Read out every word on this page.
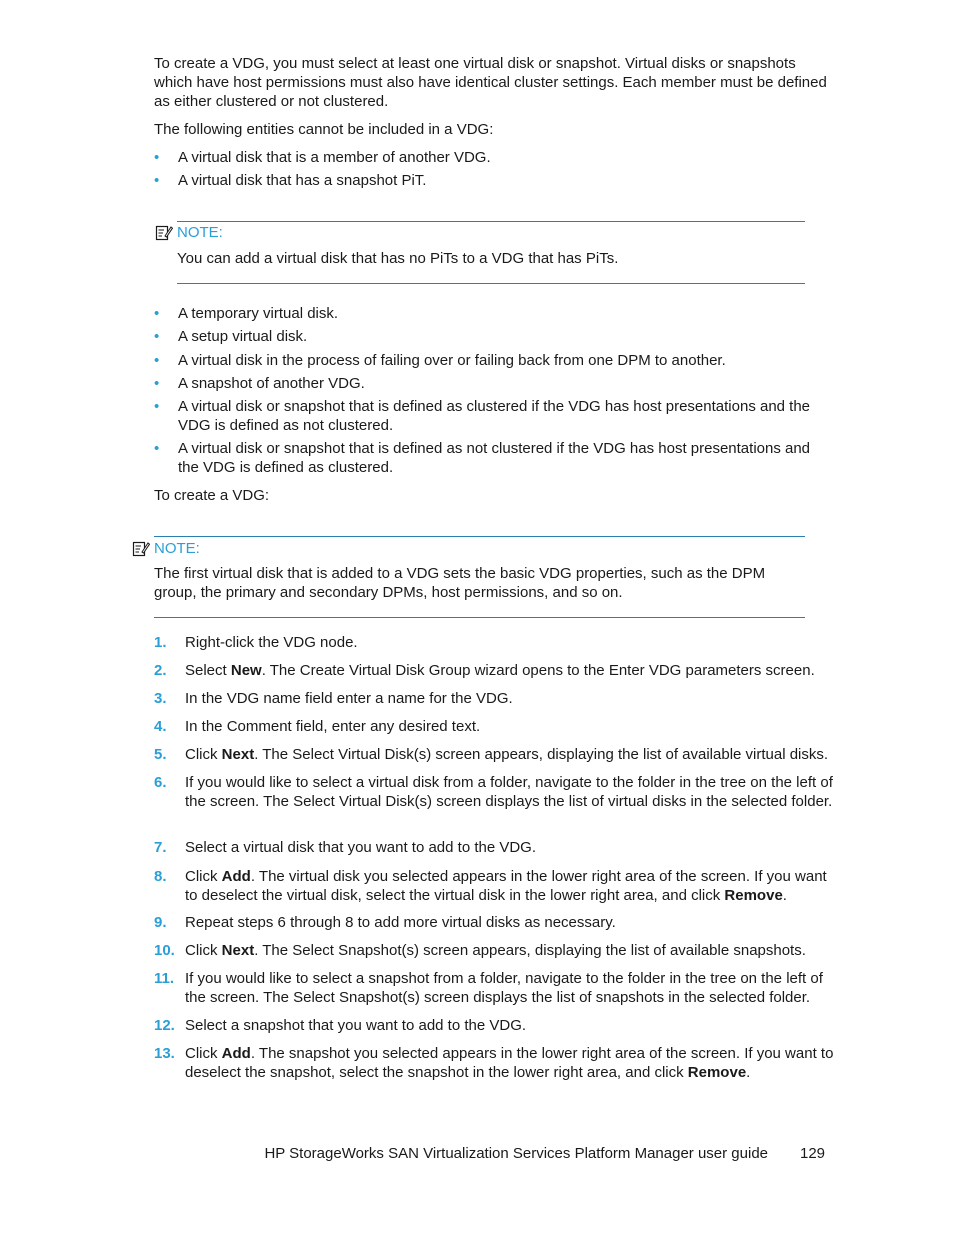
To create a VDG, you must select at least one virtual disk or snapshot. Virtual disks or snapshots which have host permissions must also have identical cluster settings. Each member must be defined as either clustered or not clustered.

The following entities cannot be included in a VDG:

• A virtual disk that is a member of another VDG.
• A virtual disk that has a snapshot PiT.
NOTE:
You can add a virtual disk that has no PiTs to a VDG that has PiTs.
• A temporary virtual disk.
• A setup virtual disk.
• A virtual disk in the process of failing over or failing back from one DPM to another.
• A snapshot of another VDG.
• A virtual disk or snapshot that is defined as clustered if the VDG has host presentations and the VDG is defined as not clustered.
• A virtual disk or snapshot that is defined as not clustered if the VDG has host presentations and the VDG is defined as clustered.

To create a VDG:

NOTE:
The first virtual disk that is added to a VDG sets the basic VDG properties, such as the DPM group, the primary and secondary DPMs, host permissions, and so on.
1. Right-click the VDG node.
2. Select New. The Create Virtual Disk Group wizard opens to the Enter VDG parameters screen.
3. In the VDG name field enter a name for the VDG.
4. In the Comment field, enter any desired text.
5. Click Next. The Select Virtual Disk(s) screen appears, displaying the list of available virtual disks.
6. If you would like to select a virtual disk from a folder, navigate to the folder in the tree on the left of the screen. The Select Virtual Disk(s) screen displays the list of virtual disks in the selected folder.
7. Select a virtual disk that you want to add to the VDG.
8. Click Add. The virtual disk you selected appears in the lower right area of the screen. If you want to deselect the virtual disk, select the virtual disk in the lower right area, and click Remove.
9. Repeat steps 6 through 8 to add more virtual disks as necessary.
10. Click Next. The Select Snapshot(s) screen appears, displaying the list of available snapshots.
11. If you would like to select a snapshot from a folder, navigate to the folder in the tree on the left of the screen. The Select Snapshot(s) screen displays the list of snapshots in the selected folder.
12. Select a snapshot that you want to add to the VDG.
13. Click Add. The snapshot you selected appears in the lower right area of the screen. If you want to deselect the snapshot, select the snapshot in the lower right area, and click Remove.
HP StorageWorks SAN Virtualization Services Platform Manager user guide 129
